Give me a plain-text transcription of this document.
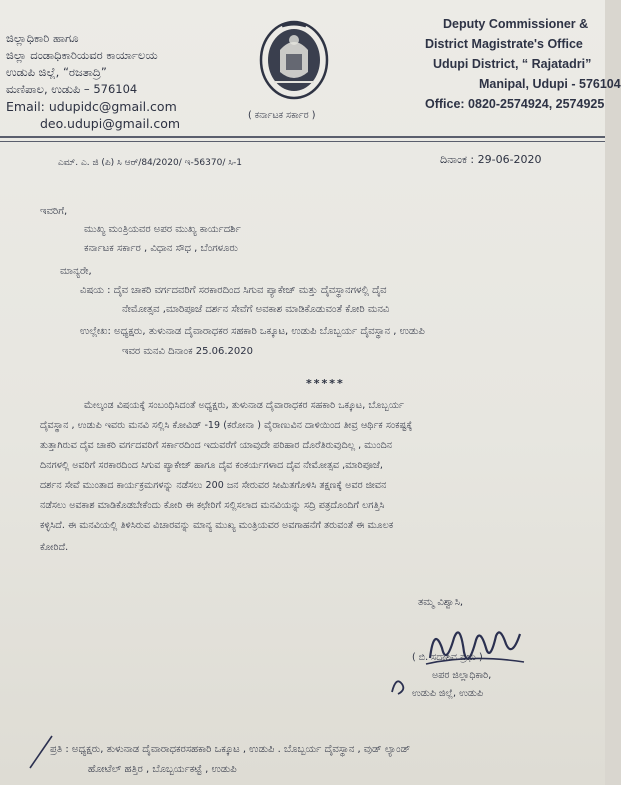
ಜಿಲ್ಲಾಧಿಕಾರಿ ಹಾಗೂ
ಜಿಲ್ಲಾ ದಂಡಾಧಿಕಾರಿಯವರ ಕಾರ್ಯಾಲಯ
ಉಡುಪಿ ಜಿಲ್ಲೆ, “ರಜತಾದ್ರಿ”
ಮಣಿಪಾಲ, ಉಡುಪಿ – 576104
Email: udupidc@gmail.com
deo.udupi@gmail.com
( ಕರ್ನಾಟಕ ಸರ್ಕಾರ )
Deputy Commissioner &
District Magistrate's Office
Udupi District, “ Rajatadri”
Manipal, Udupi - 576104
Office: 0820-2574924, 2574925
ಎಮ್. ಎ. ಜಿ (ಪಿ) ಸಿ ಆರ್/84/2020/ ಇ-56370/ ಸಿ-1	ದಿನಾಂಕ : 29-06-2020
ಇವರಿಗೆ,
ಮುಖ್ಯ ಮಂತ್ರಿಯವರ ಅಪರ ಮುಖ್ಯ ಕಾರ್ಯದರ್ಶಿ
ಕರ್ನಾಟಕ ಸರ್ಕಾರ , ವಿಧಾನ ಸೌಧ , ಬೆಂಗಳೂರು
ಮಾನ್ಯರೇ,
ವಿಷಯ : ದೈವ ಚಾಕರಿ ವರ್ಗದವರಿಗೆ ಸರಕಾರದಿಂದ ಸಿಗುವ ಪ್ಯಾಕೇಜ್ ಮತ್ತು ದೈವಸ್ಥಾನಗಳಲ್ಲಿ ದೈವ
ನೇಮೋತ್ಸವ ,ಮಾರಿಪೂಜೆ ದರ್ಶನ ಸೇವೆಗೆ ಅವಕಾಶ ಮಾಡಿಕೊಡುವಂತೆ ಕೋರಿ ಮನವಿ
ಉಲ್ಲೇಖ: ಅಧ್ಯಕ್ಷರು, ತುಳುನಾಡ ದೈವಾರಾಧಕರ ಸಹಕಾರಿ ಒಕ್ಕೂಟ, ಉಡುಪಿ ಬೊಬ್ಬರ್ಯ ದೈವಸ್ಥಾನ , ಉಡುಪಿ
ಇವರ ಮನವಿ ದಿನಾಂಕ 25.06.2020
*****
ಮೇಲ್ಕಂಡ ವಿಷಯಕ್ಕೆ ಸಂಬಂಧಿಸಿದಂತೆ ಅಧ್ಯಕ್ಷರು, ತುಳುನಾಡ ದೈವಾರಾಧಕರ ಸಹಕಾರಿ ಒಕ್ಕೂಟ, ಬೊಬ್ಬರ್ಯ
ದೈವಸ್ಥಾನ , ಉಡುಪಿ ಇವರು ಮನವಿ ಸಲ್ಲಿಸಿ ಕೋವಿಡ್ -19 (ಕರೋನಾ ) ವೈರಾಣುವಿನ ದಾಳಿಯಿಂದ ತೀವ್ರ ಆರ್ಥಿಕ ಸಂಕಷ್ಟಕ್ಕೆ
ತುತ್ತಾಗಿರುವ ದೈವ ಚಾಕರಿ ವರ್ಗದವರಿಗೆ ಸರ್ಕಾರದಿಂದ ಇದುವರೆಗೆ ಯಾವುದೇ ಪರಿಹಾರ ದೊರೆತಿರುವುದಿಲ್ಲ , ಮುಂದಿನ
ದಿನಗಳಲ್ಲಿ ಅವರಿಗೆ ಸರಕಾರದಿಂದ ಸಿಗುವ ಪ್ಯಾಕೇಜ್ ಹಾಗೂ ದೈವ ಕಂಕರ್ಯಗಳಾದ ದೈವ ನೇಮೋತ್ಸವ ,ಮಾರಿಪೂಜೆ,
ದರ್ಶನ ಸೇವೆ ಮುಂತಾದ ಕಾರ್ಯಕ್ರಮಗಳನ್ನು ನಡೆಸಲು 200 ಜನ ಸೇರುವರ ಸೀಮಿತಗೊಳಿಸಿ ತಕ್ಷಣಕ್ಕೆ ಅವರ ಜೀವನ
ನಡೆಸಲು ಅವಕಾಶ ಮಾಡಿಕೊಡಬೇಕೆಂದು ಕೋರಿ ಈ ಕಛೇರಿಗೆ ಸಲ್ಲಿಸಲಾದ ಮನವಿಯನ್ನು ಸದ್ರಿ ಪತ್ರದೊಂದಿಗೆ ಲಗತ್ತಿಸಿ
ಕಳ್ಳಿಸಿದೆ. ಈ ಮನವಿಯಲ್ಲಿ ತಿಳಿಸಿರುವ ವಿಚಾರವನ್ನು ಮಾನ್ಯ ಮುಖ್ಯ ಮಂತ್ರಿಯವರ ಅವಗಾಹನೆಗೆ ತರುವಂತೆ ಈ ಮೂಲಕ
ಕೋರಿದೆ.
ತಮ್ಮ ವಿಶ್ವಾಸಿ,
( ಬಿ. ಸದಾಶಿವ ಪ್ರಭು )
ಅಪರ ಜಿಲ್ಲಾಧಿಕಾರಿ,
ಉಡುಪಿ ಜಿಲ್ಲೆ, ಉಡುಪಿ
ಪ್ರತಿ : ಅಧ್ಯಕ್ಷರು, ತುಳುನಾಡ ದೈವಾರಾಧಕರಸಹಕಾರಿ ಒಕ್ಕೂಟ , ಉಡುಪಿ . ಬೊಬ್ಬರ್ಯ ದೈವಸ್ಥಾನ , ವುಡ್ ಲ್ಯಾಂಡ್
ಹೋಟೆಲ್ ಹತ್ತಿರ , ಬೊಬ್ಬರ್ಯಕಟ್ಟೆ , ಉಡುಪಿ
